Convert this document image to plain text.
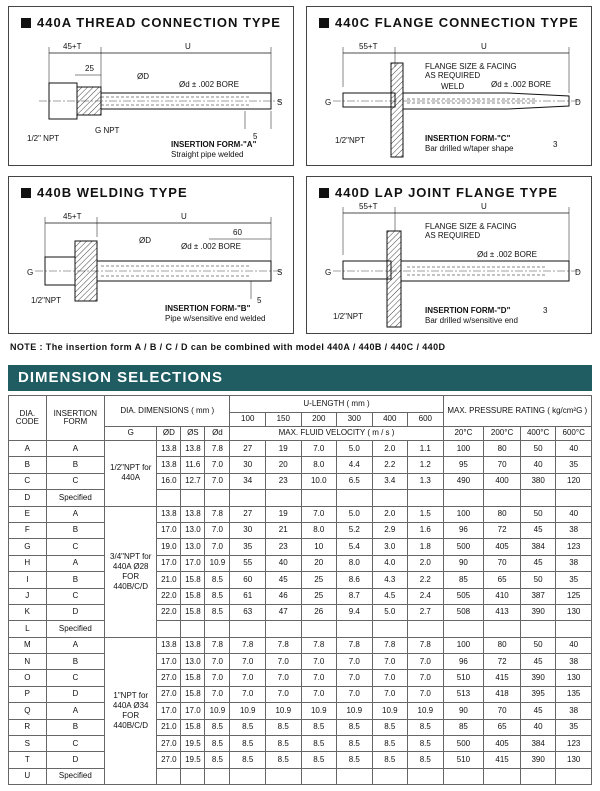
440A THREAD CONNECTION TYPE
45+T	U
25
ØD
Ød ± .002 BORE
S
5
1/2" NPT
G NPT
INSERTION FORM-"A"
Straight pipe welded
440C FLANGE CONNECTION TYPE
55+T	U
FLANGE SIZE & FACING
AS REQUIRED
WELD	Ød ± .002 BORE
D
G
1/2"NPT	3
INSERTION FORM-"C"
Bar drilled w/taper shape
440B WELDING TYPE
45+T	U
60
ØD
Ød ± .002 BORE
S
G
5
1/2"NPT
INSERTION FORM-"B"
Pipe w/sensitive end welded
440D LAP JOINT FLANGE TYPE
55+T	U
FLANGE SIZE & FACING
AS REQUIRED
Ød ± .002 BORE
D
G
1/2"NPT
3
INSERTION FORM-"D"
Bar drilled w/sensitive end
NOTE : The insertion form A / B / C / D can be combined with model 440A / 440B / 440C / 440D
DIMENSION SELECTIONS
DIA. CODE	INSERTION FORM	DIA. DIMENSIONS ( mm )				U-LENGTH ( mm )						MAX. PRESSURE RATING ( kg/cm²G )			
						100	150	200	300	400	600				
		G	ØD	ØS	Ød	MAX. FLUID VELOCITY ( m / s )						20°C	200°C	400°C	600°C
A	A	1/2"NPT for 440A	13.8	13.8	7.8	27	19	7.0	5.0	2.0	1.1	100	80	50	40
B	B		13.8	11.6	7.0	30	20	8.0	4.4	2.2	1.2	95	70	40	35
C	C		16.0	12.7	7.0	34	23	10.0	6.5	3.4	1.3	490	400	380	120
D	Specified														
E	A	3/4"NPT for 440A Ø28 FOR 440B/C/D	13.8	13.8	7.8	27	19	7.0	5.0	2.0	1.5	100	80	50	40
F	B		17.0	13.0	7.0	30	21	8.0	5.2	2.9	1.6	96	72	45	38
G	C		19.0	13.0	7.0	35	23	10	5.4	3.0	1.8	500	405	384	123
H	A		17.0	17.0	10.9	55	40	20	8.0	4.0	2.0	90	70	45	38
I	B		21.0	15.8	8.5	60	45	25	8.6	4.3	2.2	85	65	50	35
J	C		22.0	15.8	8.5	61	46	25	8.7	4.5	2.4	505	410	387	125
K	D		22.0	15.8	8.5	63	47	26	9.4	5.0	2.7	508	413	390	130
L	Specified														
M	A	1"NPT for 440A Ø34 FOR 440B/C/D	13.8	13.8	7.8	7.8	7.8	7.8	7.8	7.8	7.8	100	80	50	40
N	B		17.0	13.0	7.0	7.0	7.0	7.0	7.0	7.0	7.0	96	72	45	38
O	C		27.0	15.8	7.0	7.0	7.0	7.0	7.0	7.0	7.0	510	415	390	130
P	D		27.0	15.8	7.0	7.0	7.0	7.0	7.0	7.0	7.0	513	418	395	135
Q	A		17.0	17.0	10.9	10.9	10.9	10.9	10.9	10.9	10.9	90	70	45	38
R	B		21.0	15.8	8.5	8.5	8.5	8.5	8.5	8.5	8.5	85	65	40	35
S	C		27.0	19.5	8.5	8.5	8.5	8.5	8.5	8.5	8.5	500	405	384	123
T	D		27.0	19.5	8.5	8.5	8.5	8.5	8.5	8.5	8.5	510	415	390	130
U	Specified														
